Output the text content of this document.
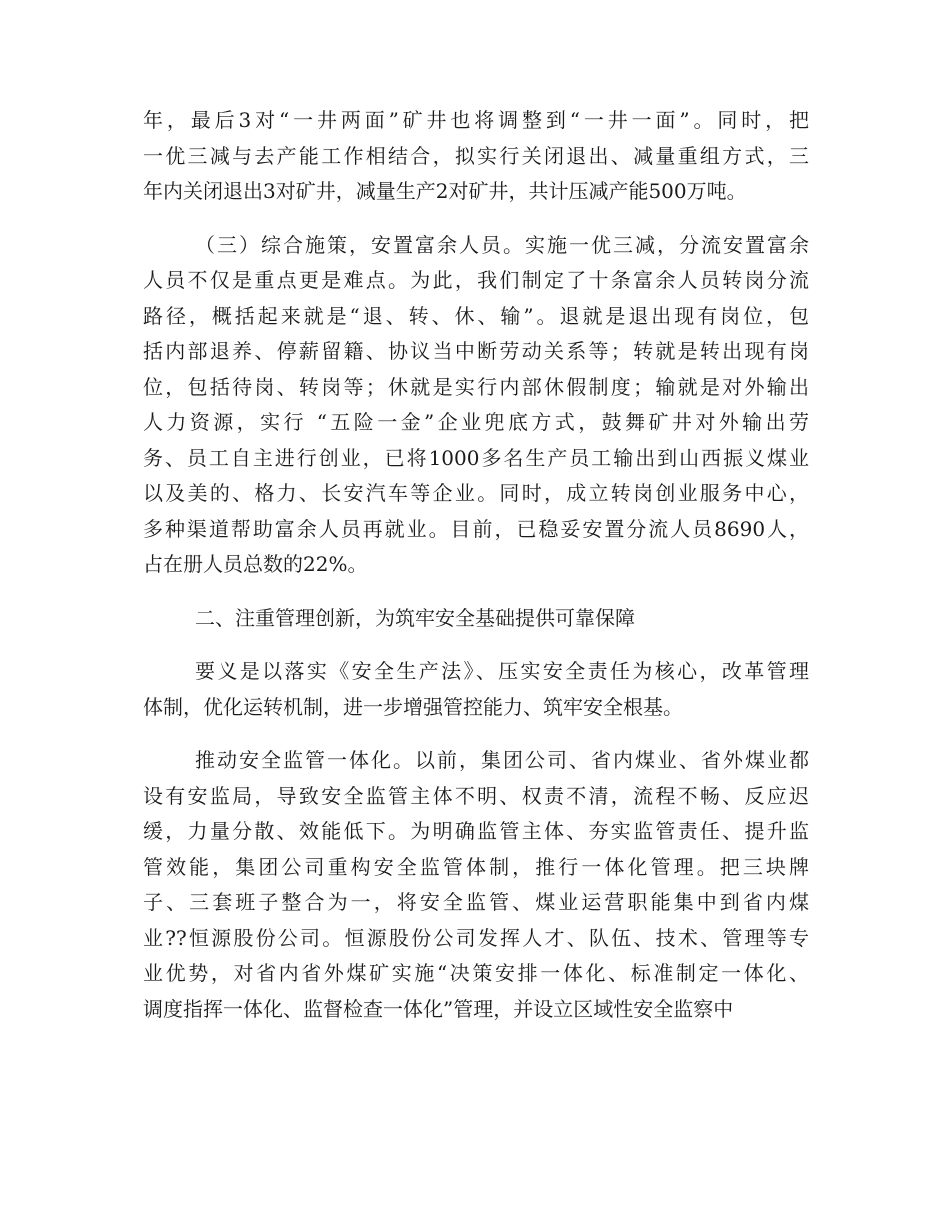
年，最后3对“一井两面”矿井也将调整到“一井一面”。同时，把
一优三减与去产能工作相结合，拟实行关闭退出、减量重组方式，三
年内关闭退出3对矿井，减量生产2对矿井，共计压减产能500万吨。
（三）综合施策，安置富余人员。实施一优三减，分流安置富余
人员不仅是重点更是难点。为此，我们制定了十条富余人员转岗分流
路径，概括起来就是“退、转、休、输”。退就是退出现有岗位，包
括内部退养、停薪留籍、协议当中断劳动关系等；转就是转出现有岗
位，包括待岗、转岗等；休就是实行内部休假制度；输就是对外输出
人力资源，实行 “五险一金”企业兜底方式，鼓舞矿井对外输出劳
务、员工自主进行创业，已将1000多名生产员工输出到山西振义煤业
以及美的、格力、长安汽车等企业。同时，成立转岗创业服务中心，
多种渠道帮助富余人员再就业。目前，已稳妥安置分流人员8690人，
占在册人员总数的22%。
二、注重管理创新，为筑牢安全基础提供可靠保障
要义是以落实《安全生产法》、压实安全责任为核心，改革管理
体制，优化运转机制，进一步增强管控能力、筑牢安全根基。
推动安全监管一体化。以前，集团公司、省内煤业、省外煤业都
设有安监局，导致安全监管主体不明、权责不清，流程不畅、反应迟
缓，力量分散、效能低下。为明确监管主体、夯实监管责任、提升监
管效能，集团公司重构安全监管体制，推行一体化管理。把三块牌
子、三套班子整合为一，将安全监管、煤业运营职能集中到省内煤
业??恒源股份公司。恒源股份公司发挥人才、队伍、技术、管理等专
业优势，对省内省外煤矿实施“决策安排一体化、标准制定一体化、
调度指挥一体化、监督检查一体化”管理，并设立区域性安全监察中
